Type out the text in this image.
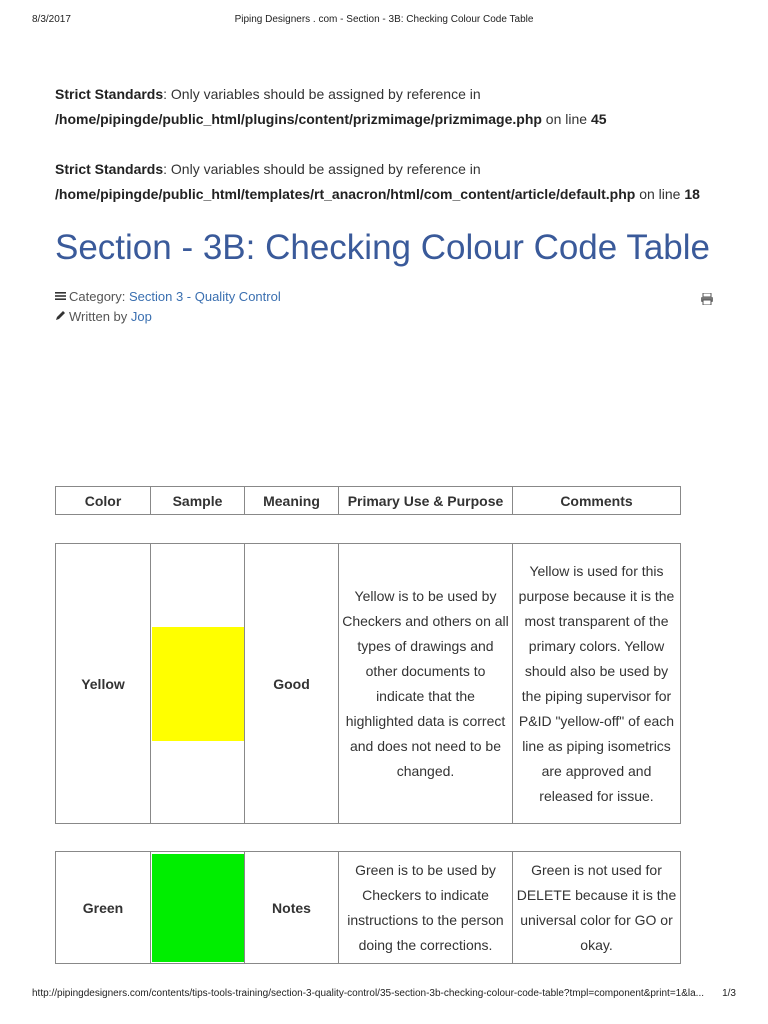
8/3/2017	Piping Designers . com - Section - 3B: Checking Colour Code Table

Strict Standards: Only variables should be assigned by reference in
/home/pipingde/public_html/plugins/content/prizmimage/prizmimage.php on line 45

Strict Standards: Only variables should be assigned by reference in
/home/pipingde/public_html/templates/rt_anacron/html/com_content/article/default.php on line 18

Section - 3B: Checking Colour Code Table
Category: Section 3 - Quality Control
Written by Jop
Color	Sample	Meaning	Primary Use & Purpose	Comments
Yellow		Good	Yellow is to be used by Checkers and others on all types of drawings and other documents to indicate that the highlighted data is correct and does not need to be changed.	Yellow is used for this purpose because it is the most transparent of the primary colors. Yellow should also be used by the piping supervisor for P&ID "yellow-off" of each line as piping isometrics are approved and released for issue.
Green		Notes	Green is to be used by Checkers to indicate instructions to the person doing the corrections.	Green is not used for DELETE because it is the universal color for GO or okay.
http://pipingdesigners.com/contents/tips-tools-training/section-3-quality-control/35-section-3b-checking-colour-code-table?tmpl=component&print=1&la...	1/3
